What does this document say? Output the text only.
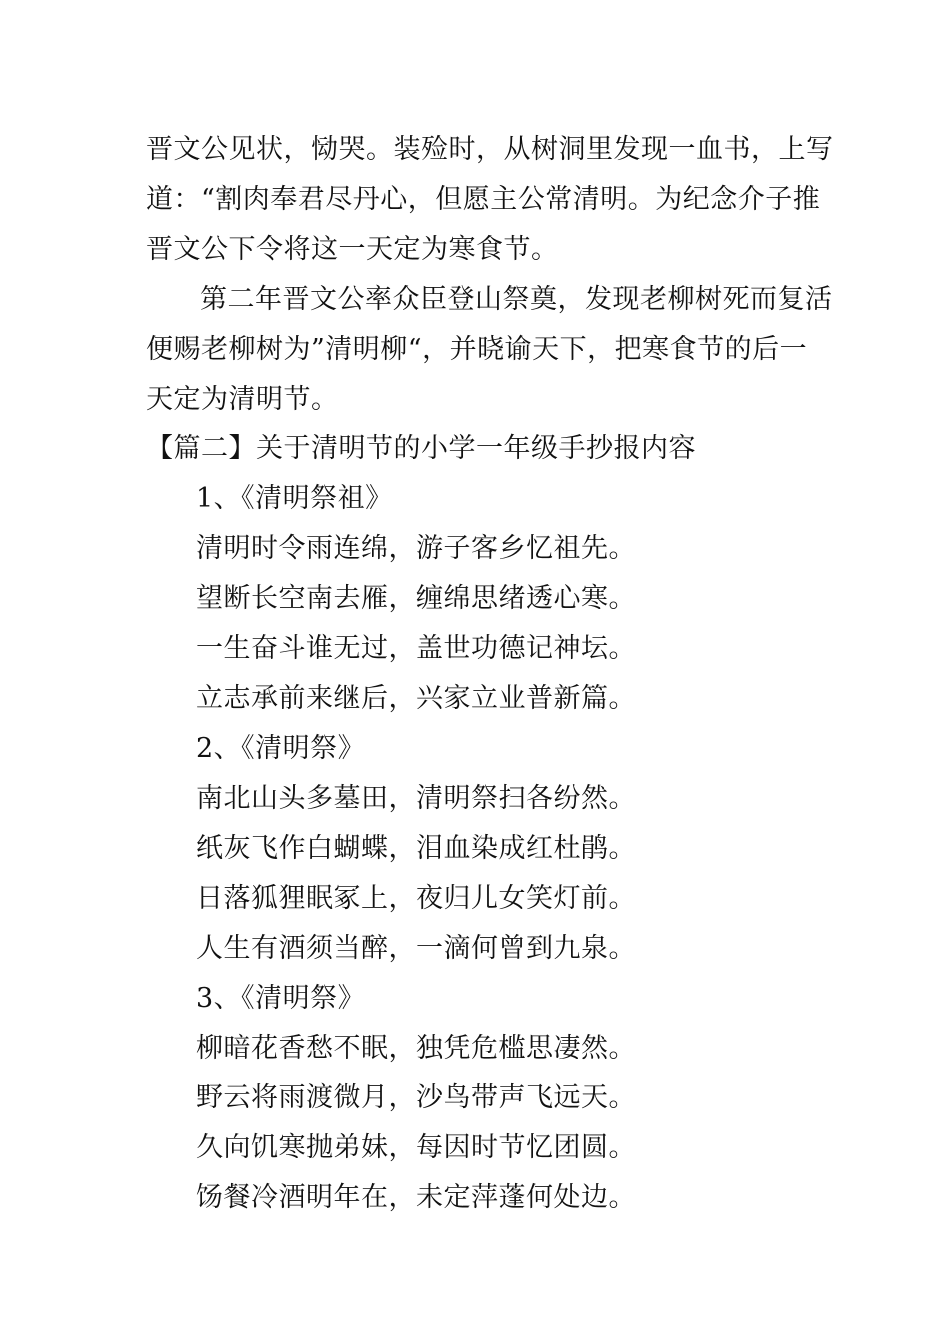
晋文公见状，恸哭。装殓时，从树洞里发现一血书，上写
道：“割肉奉君尽丹心，但愿主公常清明。为纪念介子推
晋文公下令将这一天定为寒食节。
第二年晋文公率众臣登山祭奠，发现老柳树死而复活
便赐老柳树为”清明柳“，并晓谕天下，把寒食节的后一
天定为清明节。
【篇二】关于清明节的小学一年级手抄报内容
1、《清明祭祖》
清明时令雨连绵，游子客乡忆祖先。
望断长空南去雁，缠绵思绪透心寒。
一生奋斗谁无过，盖世功德记神坛。
立志承前来继后，兴家立业普新篇。
2、《清明祭》
南北山头多墓田，清明祭扫各纷然。
纸灰飞作白蝴蝶，泪血染成红杜鹃。
日落狐狸眠冢上，夜归儿女笑灯前。
人生有酒须当醉，一滴何曾到九泉。
3、《清明祭》
柳暗花香愁不眠，独凭危槛思凄然。
野云将雨渡微月，沙鸟带声飞远天。
久向饥寒抛弟妹，每因时节忆团圆。
饧餐冷酒明年在，未定萍蓬何处边。
